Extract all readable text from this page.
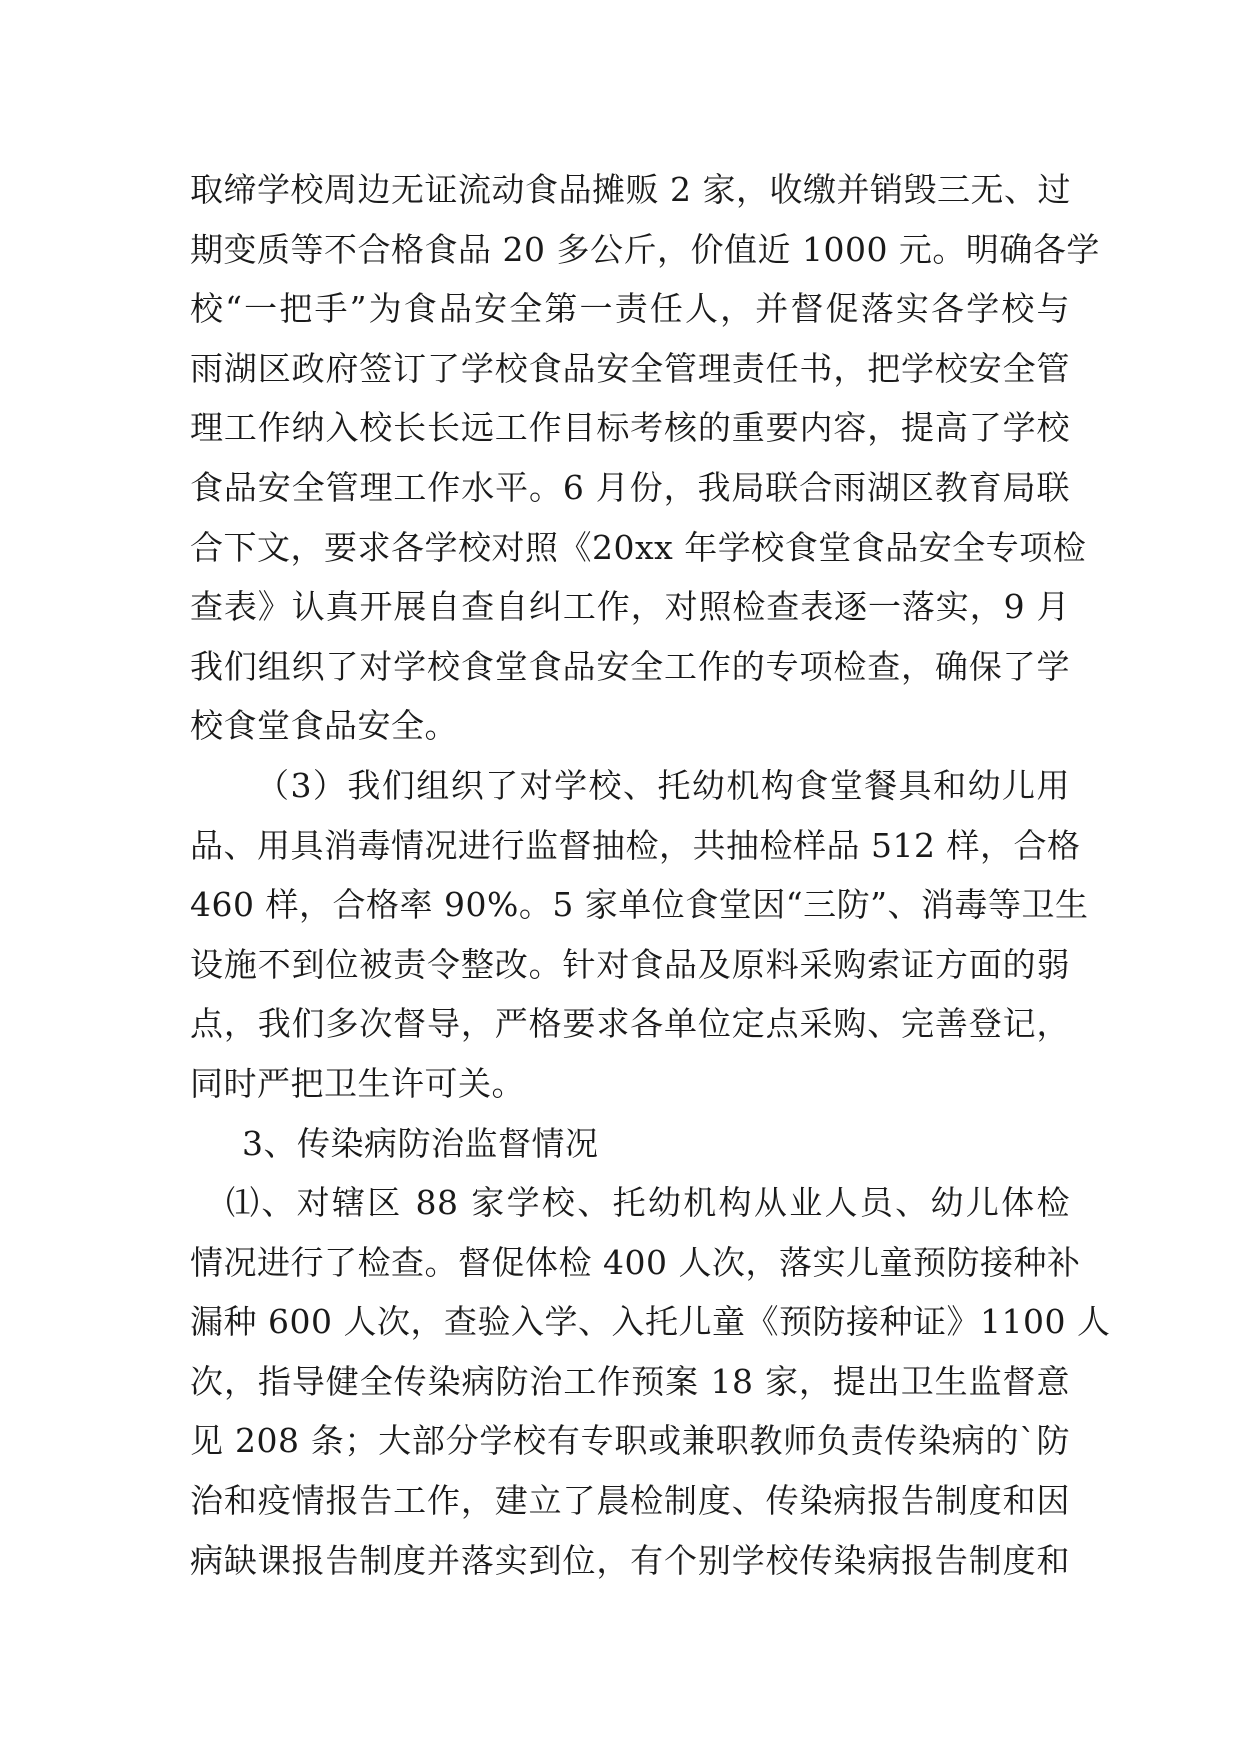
取缔学校周边无证流动食品摊贩 2 家，收缴并销毁三无、过
期变质等不合格食品 20 多公斤，价值近 1000 元。明确各学
校“一把手”为食品安全第一责任人，并督促落实各学校与
雨湖区政府签订了学校食品安全管理责任书，把学校安全管
理工作纳入校长长远工作目标考核的重要内容，提高了学校
食品安全管理工作水平。6 月份，我局联合雨湖区教育局联
合下文，要求各学校对照《20xx 年学校食堂食品安全专项检
查表》认真开展自查自纠工作，对照检查表逐一落实，9 月
我们组织了对学校食堂食品安全工作的专项检查，确保了学
校食堂食品安全。
（3）我们组织了对学校、托幼机构食堂餐具和幼儿用
品、用具消毒情况进行监督抽检，共抽检样品 512 样，合格
460 样，合格率 90%。5 家单位食堂因“三防”、消毒等卫生
设施不到位被责令整改。针对食品及原料采购索证方面的弱
点，我们多次督导，严格要求各单位定点采购、完善登记，
同时严把卫生许可关。
3、传染病防治监督情况
⑴、对辖区 88 家学校、托幼机构从业人员、幼儿体检
情况进行了检查。督促体检 400 人次，落实儿童预防接种补
漏种 600 人次，查验入学、入托儿童《预防接种证》1100 人
次，指导健全传染病防治工作预案 18 家，提出卫生监督意
见 208 条；大部分学校有专职或兼职教师负责传染病的`防
治和疫情报告工作，建立了晨检制度、传染病报告制度和因
病缺课报告制度并落实到位，有个别学校传染病报告制度和
